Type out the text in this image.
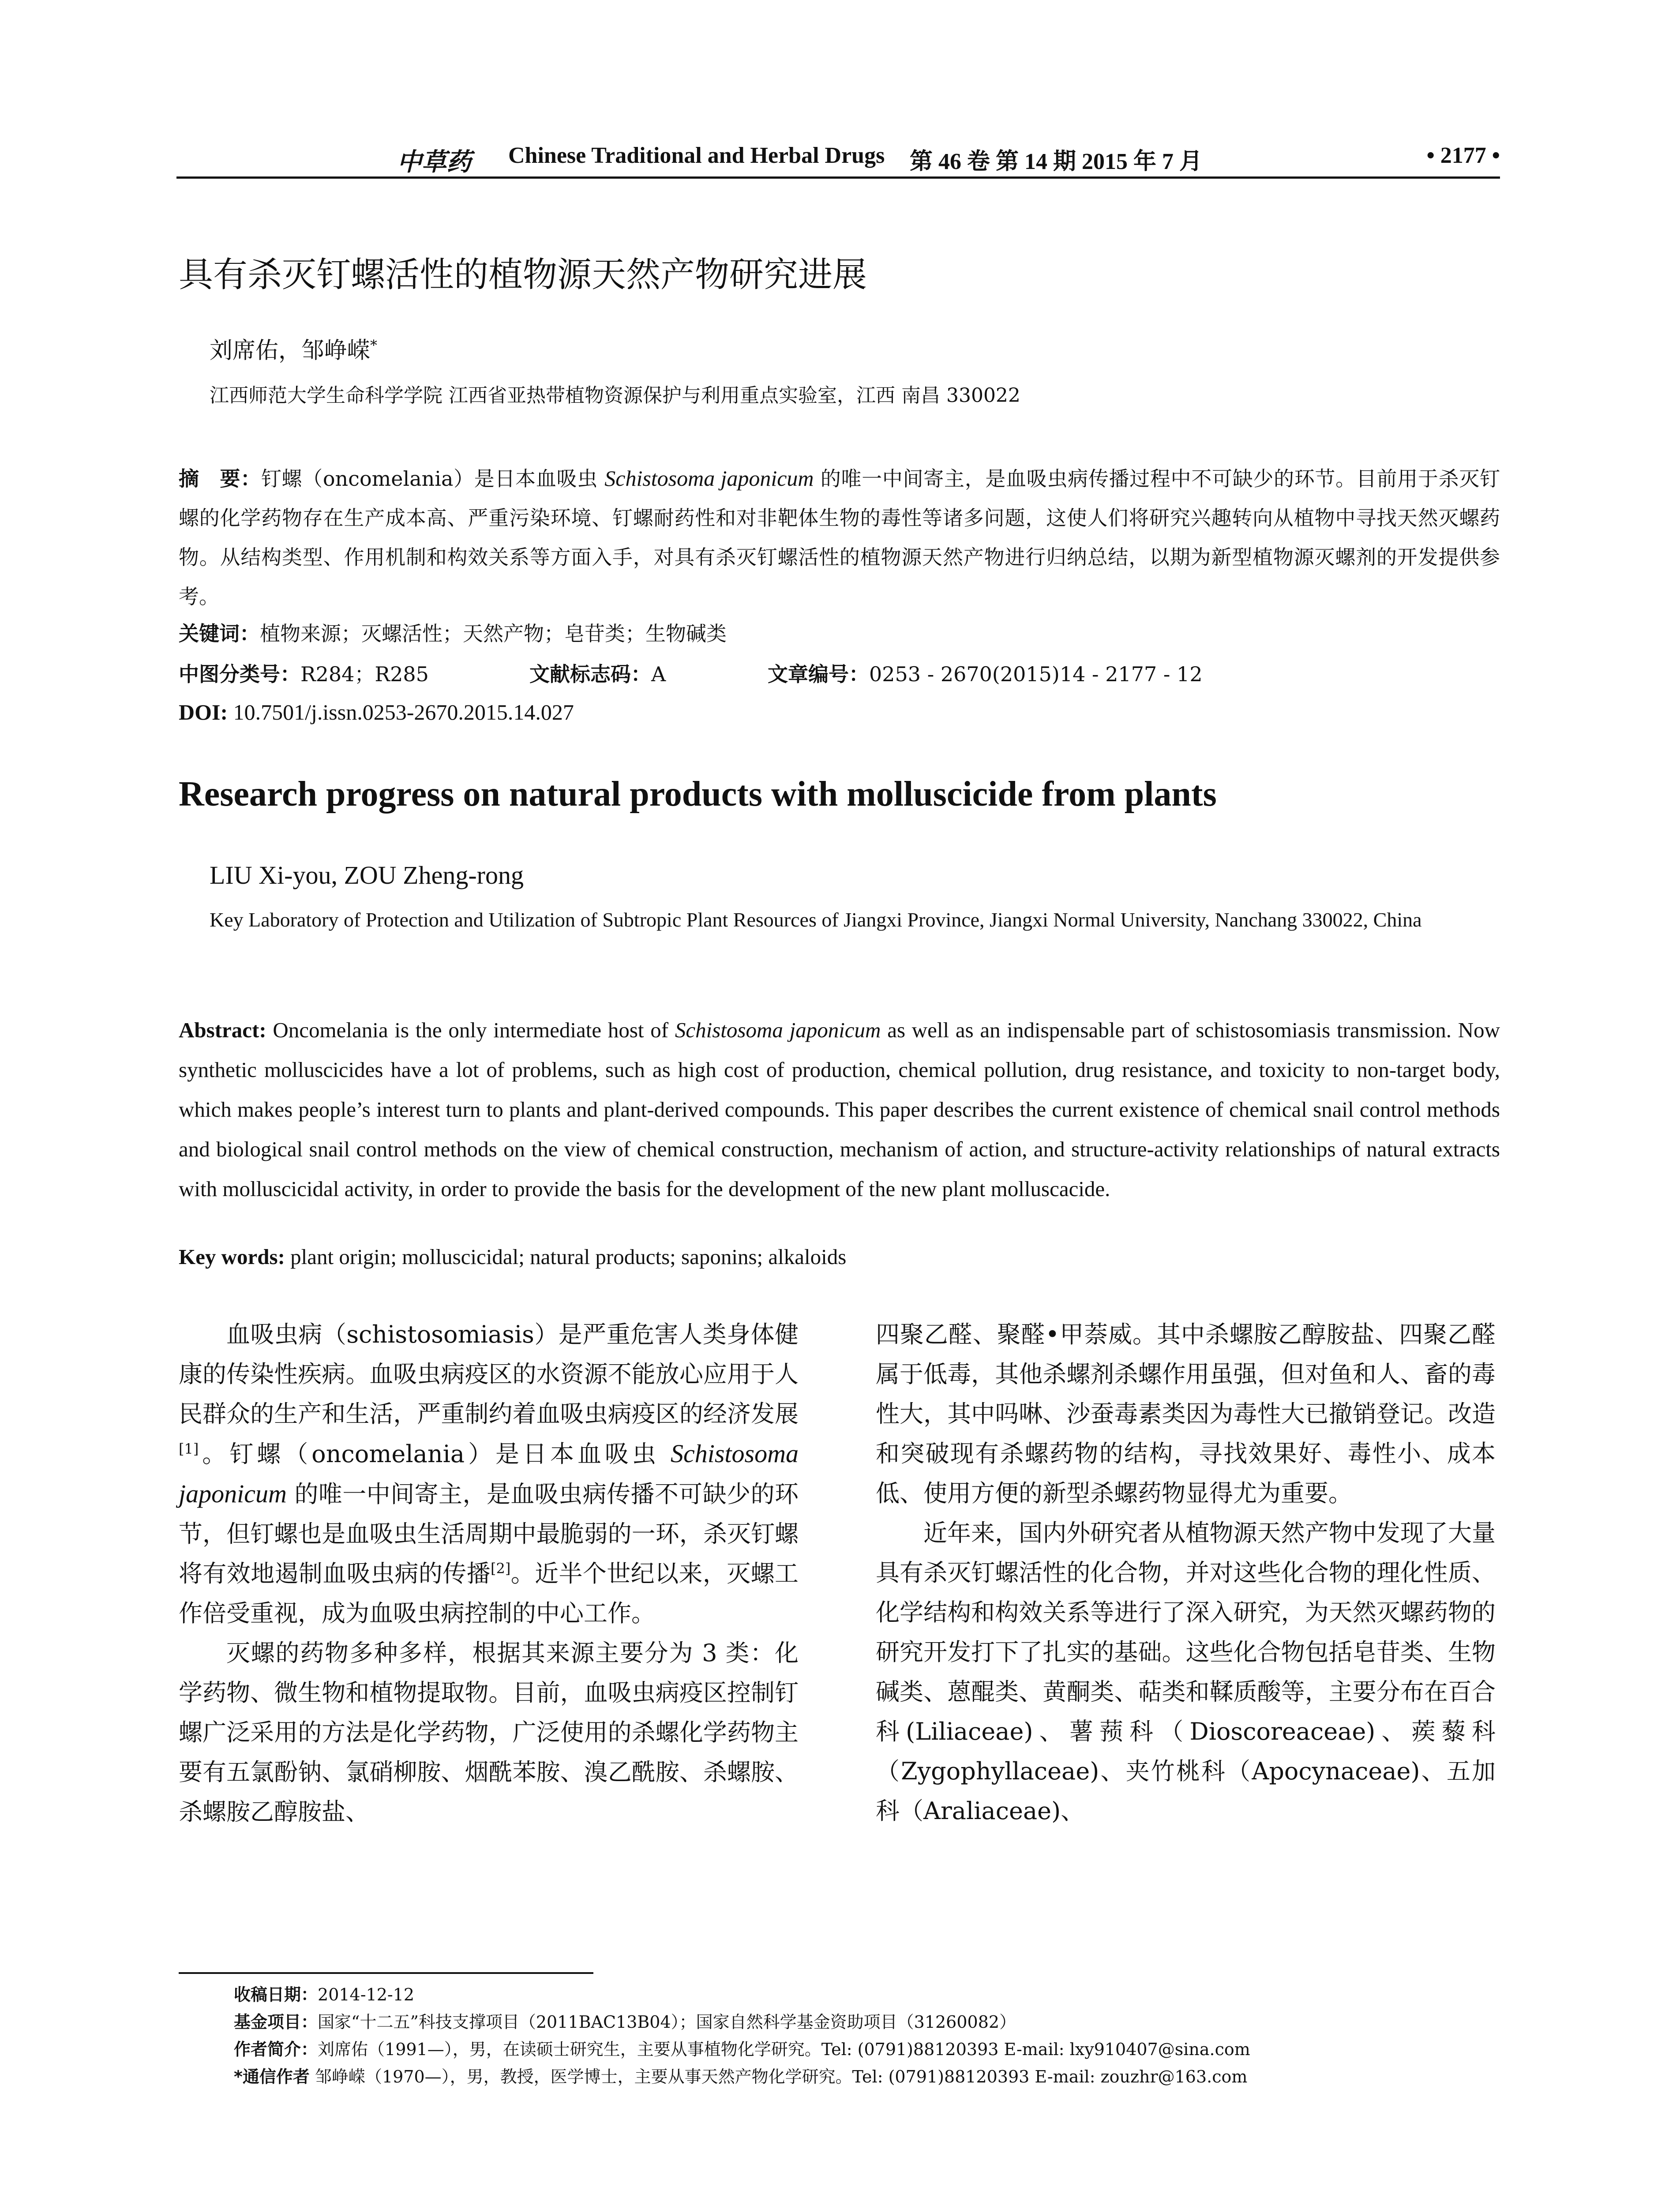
中草药 Chinese Traditional and Herbal Drugs 第 46 卷 第 14 期 2015 年 7 月	• 2177 •
具有杀灭钉螺活性的植物源天然产物研究进展
刘席佑，邹峥嵘*
江西师范大学生命科学学院 江西省亚热带植物资源保护与利用重点实验室，江西 南昌 330022
摘　要：钉螺（oncomelania）是日本血吸虫 Schistosoma japonicum 的唯一中间寄主，是血吸虫病传播过程中不可缺少的环节。目前用于杀灭钉螺的化学药物存在生产成本高、严重污染环境、钉螺耐药性和对非靶体生物的毒性等诸多问题，这使人们将研究兴趣转向从植物中寻找天然灭螺药物。从结构类型、作用机制和构效关系等方面入手，对具有杀灭钉螺活性的植物源天然产物进行归纳总结，以期为新型植物源灭螺剂的开发提供参考。
关键词：植物来源；灭螺活性；天然产物；皂苷类；生物碱类
中图分类号：R284；R285	文献标志码：A	文章编号：0253 - 2670(2015)14 - 2177 - 12
DOI: 10.7501/j.issn.0253-2670.2015.14.027
Research progress on natural products with molluscicide from plants
LIU Xi-you, ZOU Zheng-rong
Key Laboratory of Protection and Utilization of Subtropic Plant Resources of Jiangxi Province, Jiangxi Normal University, Nanchang 330022, China
Abstract: Oncomelania is the only intermediate host of Schistosoma japonicum as well as an indispensable part of schistosomiasis transmission. Now synthetic molluscicides have a lot of problems, such as high cost of production, chemical pollution, drug resistance, and toxicity to non-target body, which makes people’s interest turn to plants and plant-derived compounds. This paper describes the current existence of chemical snail control methods and biological snail control methods on the view of chemical construction, mechanism of action, and structure-activity relationships of natural extracts with molluscicidal activity, in order to provide the basis for the development of the new plant molluscacide.
Key words: plant origin; molluscicidal; natural products; saponins; alkaloids

血吸虫病（schistosomiasis）是严重危害人类身体健康的传染性疾病。血吸虫病疫区的水资源不能放心应用于人民群众的生产和生活，严重制约着血吸虫病疫区的经济发展[1]。钉螺（oncomelania）是日本血吸虫 Schistosoma japonicum 的唯一中间寄主，是血吸虫病传播不可缺少的环节，但钉螺也是血吸虫生活周期中最脆弱的一环，杀灭钉螺将有效地遏制血吸虫病的传播[2]。近半个世纪以来，灭螺工作倍受重视，成为血吸虫病控制的中心工作。

灭螺的药物多种多样，根据其来源主要分为 3 类：化学药物、微生物和植物提取物。目前，血吸虫病疫区控制钉螺广泛采用的方法是化学药物，广泛使用的杀螺化学药物主要有五氯酚钠、氯硝柳胺、烟酰苯胺、溴乙酰胺、杀螺胺、杀螺胺乙醇胺盐、

四聚乙醛、聚醛•甲萘威。其中杀螺胺乙醇胺盐、四聚乙醛属于低毒，其他杀螺剂杀螺作用虽强，但对鱼和人、畜的毒性大，其中吗啉、沙蚕毒素类因为毒性大已撤销登记。改造和突破现有杀螺药物的结构，寻找效果好、毒性小、成本低、使用方便的新型杀螺药物显得尤为重要。

近年来，国内外研究者从植物源天然产物中发现了大量具有杀灭钉螺活性的化合物，并对这些化合物的理化性质、化学结构和构效关系等进行了深入研究，为天然灭螺药物的研究开发打下了扎实的基础。这些化合物包括皂苷类、生物碱类、蒽醌类、黄酮类、萜类和鞣质酸等，主要分布在百合科(Liliaceae)、薯蓣科（Dioscoreaceae)、蒺藜科（Zygophyllaceae)、夹竹桃科（Apocynaceae)、五加科（Araliaceae)、

收稿日期：2014-12-12
基金项目：国家“十二五”科技支撑项目（2011BAC13B04）；国家自然科学基金资助项目（31260082）
作者简介：刘席佑（1991—），男，在读硕士研究生，主要从事植物化学研究。Tel: (0791)88120393 E-mail: lxy910407@sina.com
*通信作者 邹峥嵘（1970—），男，教授，医学博士，主要从事天然产物化学研究。Tel: (0791)88120393 E-mail: zouzhr@163.com
